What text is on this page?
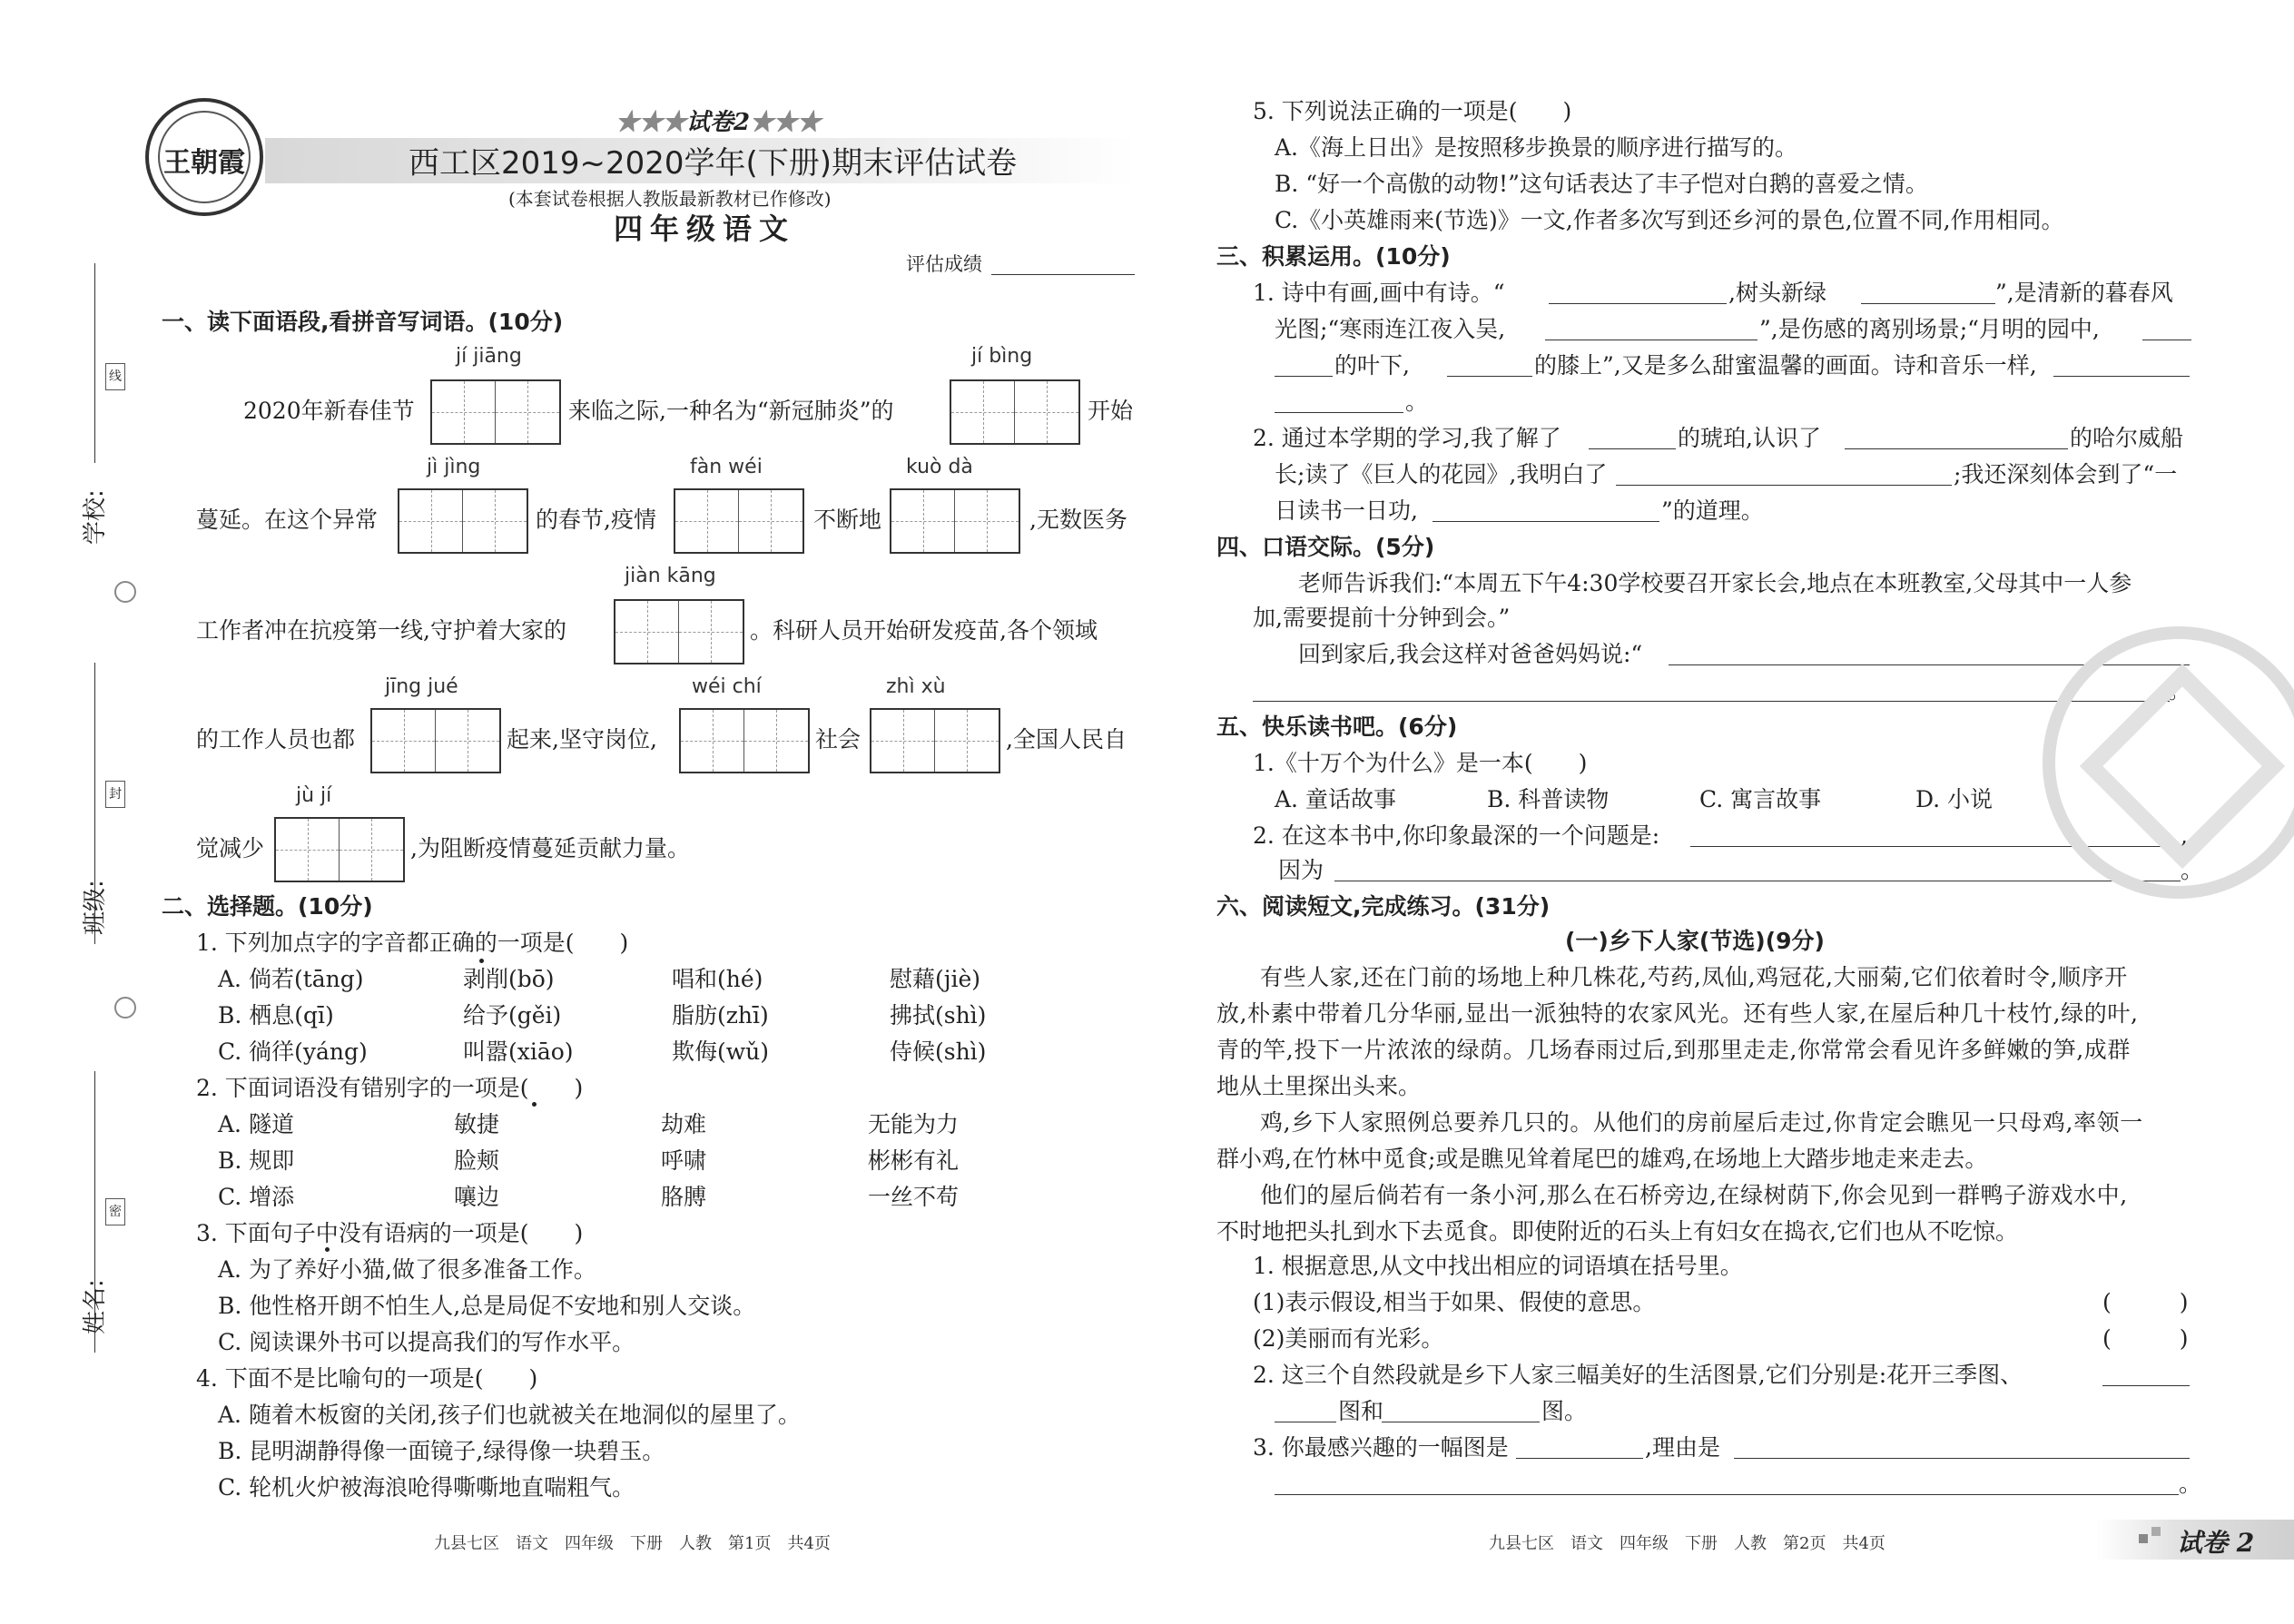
线
封
密
学校:
班级:
姓名:
王朝霞
★★★试卷2★★★
西工区2019~2020学年(下册)期末评估试卷
(本套试卷根据人教版最新教材已作修改)
四年级语文
评估成绩
一、读下面语段,看拼音写词语。(10分)
jí jiāng	jí bìng
2020年新春佳节	来临之际,一种名为“新冠肺炎”的	开始
jì jìng	fàn wéi	kuò dà
蔓延。在这个异常	的春节,疫情	不断地	,无数医务
jiàn kāng
工作者冲在抗疫第一线,守护着大家的	。科研人员开始研发疫苗,各个领域
jīng jué	wéi chí	zhì xù
的工作人员也都	起来,坚守岗位,	社会	,全国人民自
jù jí
觉减少	,为阻断疫情蔓延贡献力量。
二、选择题。(10分)
1. 下列加点字的字音都正确的一项是(　　)
A. 倘若(tāng)	剥削(bō)	唱和(hé)	慰藉(jiè)
B. 栖息(qī)	给予(gěi)	脂肪(zhī)	拂拭(shì)
C. 徜徉(yáng)	叫嚣(xiāo)	欺侮(wǔ)	侍候(shì)
2. 下面词语没有错别字的一项是(　　)
A. 隧道	敏捷	劫难	无能为力
B. 规即	脸颊	呼啸	彬彬有礼
C. 增添	嚷边	胳膊	一丝不苟
3. 下面句子中没有语病的一项是(　　)
A. 为了养好小猫,做了很多准备工作。
B. 他性格开朗不怕生人,总是局促不安地和别人交谈。
C. 阅读课外书可以提高我们的写作水平。
4. 下面不是比喻句的一项是(　　)
A. 随着木板窗的关闭,孩子们也就被关在地洞似的屋里了。
B. 昆明湖静得像一面镜子,绿得像一块碧玉。
C. 轮机火炉被海浪呛得嘶嘶地直喘粗气。
九县七区　语文　四年级　下册　人教　第1页　共4页
5. 下列说法正确的一项是(　　)
A.《海上日出》是按照移步换景的顺序进行描写的。
B. “好一个高傲的动物!”这句话表达了丰子恺对白鹅的喜爱之情。
C.《小英雄雨来(节选)》一文,作者多次写到还乡河的景色,位置不同,作用相同。
三、积累运用。(10分)
1. 诗中有画,画中有诗。“	,树头新绿	”,是清新的暮春风
光图;“寒雨连江夜入吴,	”,是伤感的离别场景;“月明的园中,
的叶下,	的膝上”,又是多么甜蜜温馨的画面。诗和音乐一样,
。
2. 通过本学期的学习,我了解了	的琥珀,认识了	的哈尔威船
长;读了《巨人的花园》,我明白了	;我还深刻体会到了“一
日读书一日功,	”的道理。
四、口语交际。(5分)
老师告诉我们:“本周五下午4:30学校要召开家长会,地点在本班教室,父母其中一人参
加,需要提前十分钟到会。”
回到家后,我会这样对爸爸妈妈说:“
。”
五、快乐读书吧。(6分)
1.《十万个为什么》是一本(　　)
A. 童话故事	B. 科普读物	C. 寓言故事	D. 小说
2. 在这本书中,你印象最深的一个问题是:	,
因为	。
六、阅读短文,完成练习。(31分)
(一)乡下人家(节选)(9分)
有些人家,还在门前的场地上种几株花,芍药,凤仙,鸡冠花,大丽菊,它们依着时令,顺序开
放,朴素中带着几分华丽,显出一派独特的农家风光。还有些人家,在屋后种几十枝竹,绿的叶,
青的竿,投下一片浓浓的绿荫。几场春雨过后,到那里走走,你常常会看见许多鲜嫩的笋,成群
地从土里探出头来。
鸡,乡下人家照例总要养几只的。从他们的房前屋后走过,你肯定会瞧见一只母鸡,率领一
群小鸡,在竹林中觅食;或是瞧见耸着尾巴的雄鸡,在场地上大踏步地走来走去。
他们的屋后倘若有一条小河,那么在石桥旁边,在绿树荫下,你会见到一群鸭子游戏水中,
不时地把头扎到水下去觅食。即使附近的石头上有妇女在捣衣,它们也从不吃惊。
1. 根据意思,从文中找出相应的词语填在括号里。
(1)表示假设,相当于如果、假使的意思。	(　　　)
(2)美丽而有光彩。	(　　　)
2. 这三个自然段就是乡下人家三幅美好的生活图景,它们分别是:花开三季图、
图和	图。
3. 你最感兴趣的一幅图是	,理由是
。
九县七区　语文　四年级　下册　人教　第2页　共4页	试卷 2
